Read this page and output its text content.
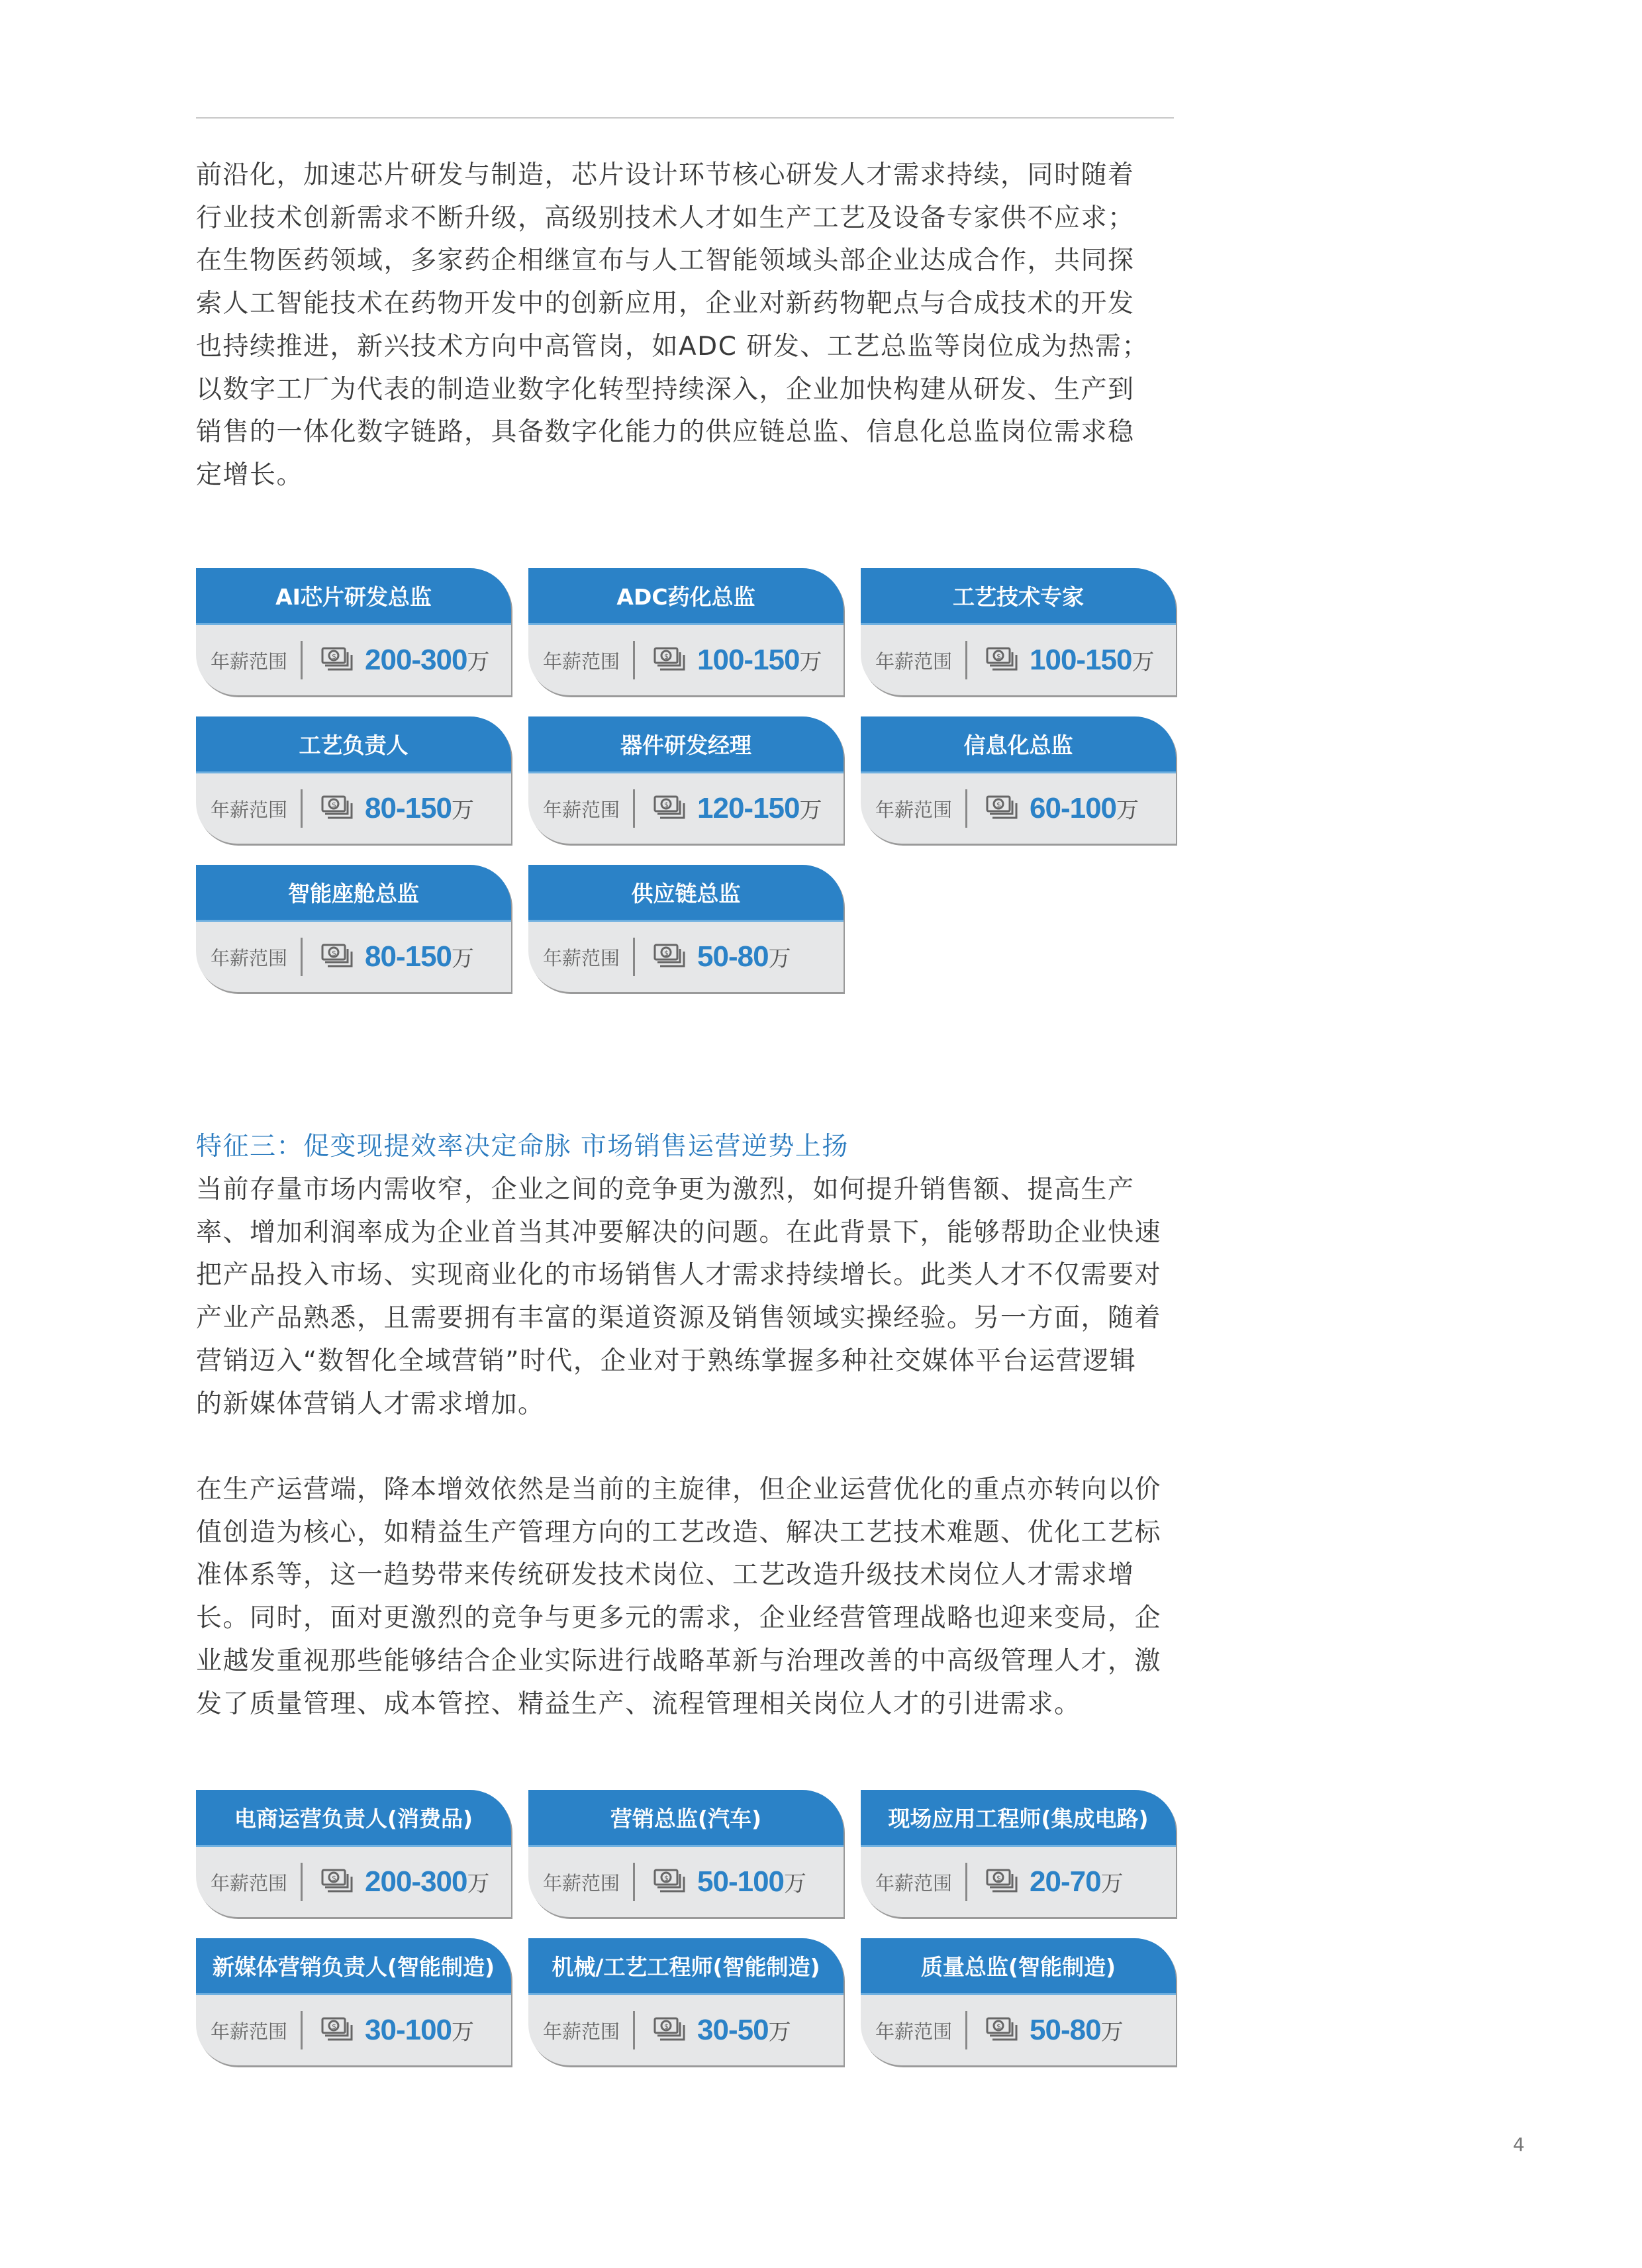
前沿化，加速芯片研发与制造，芯片设计环节核心研发人才需求持续，同时随着
行业技术创新需求不断升级，高级别技术人才如生产工艺及设备专家供不应求；
在生物医药领域，多家药企相继宣布与人工智能领域头部企业达成合作，共同探
索人工智能技术在药物开发中的创新应用，企业对新药物靶点与合成技术的开发
也持续推进，新兴技术方向中高管岗，如ADC 研发、工艺总监等岗位成为热需；
以数字工厂为代表的制造业数字化转型持续深入，企业加快构建从研发、生产到
销售的一体化数字链路，具备数字化能力的供应链总监、信息化总监岗位需求稳
定增长。
AI芯片研发总监
年薪范围	$ 200-300万
ADC药化总监
年薪范围	$ 100-150万
工艺技术专家
年薪范围	$ 100-150万
工艺负责人
年薪范围	$ 80-150万
器件研发经理
年薪范围	$ 120-150万
信息化总监
年薪范围	$ 60-100万
智能座舱总监
年薪范围	$ 80-150万
供应链总监
年薪范围	$ 50-80万
特征三：促变现提效率决定命脉 市场销售运营逆势上扬
当前存量市场内需收窄，企业之间的竞争更为激烈，如何提升销售额、提高生产
率、增加利润率成为企业首当其冲要解决的问题。在此背景下，能够帮助企业快速
把产品投入市场、实现商业化的市场销售人才需求持续增长。此类人才不仅需要对
产业产品熟悉，且需要拥有丰富的渠道资源及销售领域实操经验。另一方面，随着
营销迈入“数智化全域营销”时代，企业对于熟练掌握多种社交媒体平台运营逻辑
的新媒体营销人才需求增加。
在生产运营端，降本增效依然是当前的主旋律，但企业运营优化的重点亦转向以价
值创造为核心，如精益生产管理方向的工艺改造、解决工艺技术难题、优化工艺标
准体系等，这一趋势带来传统研发技术岗位、工艺改造升级技术岗位人才需求增
长。同时，面对更激烈的竞争与更多元的需求，企业经营管理战略也迎来变局，企
业越发重视那些能够结合企业实际进行战略革新与治理改善的中高级管理人才，激
发了质量管理、成本管控、精益生产、流程管理相关岗位人才的引进需求。
电商运营负责人(消费品)
年薪范围	$ 200-300万
营销总监(汽车)
年薪范围	$ 50-100万
现场应用工程师(集成电路)
年薪范围	$ 20-70万
新媒体营销负责人(智能制造)
年薪范围	$ 30-100万
机械/工艺工程师(智能制造)
年薪范围	$ 30-50万
质量总监(智能制造)
年薪范围	$ 50-80万
4
